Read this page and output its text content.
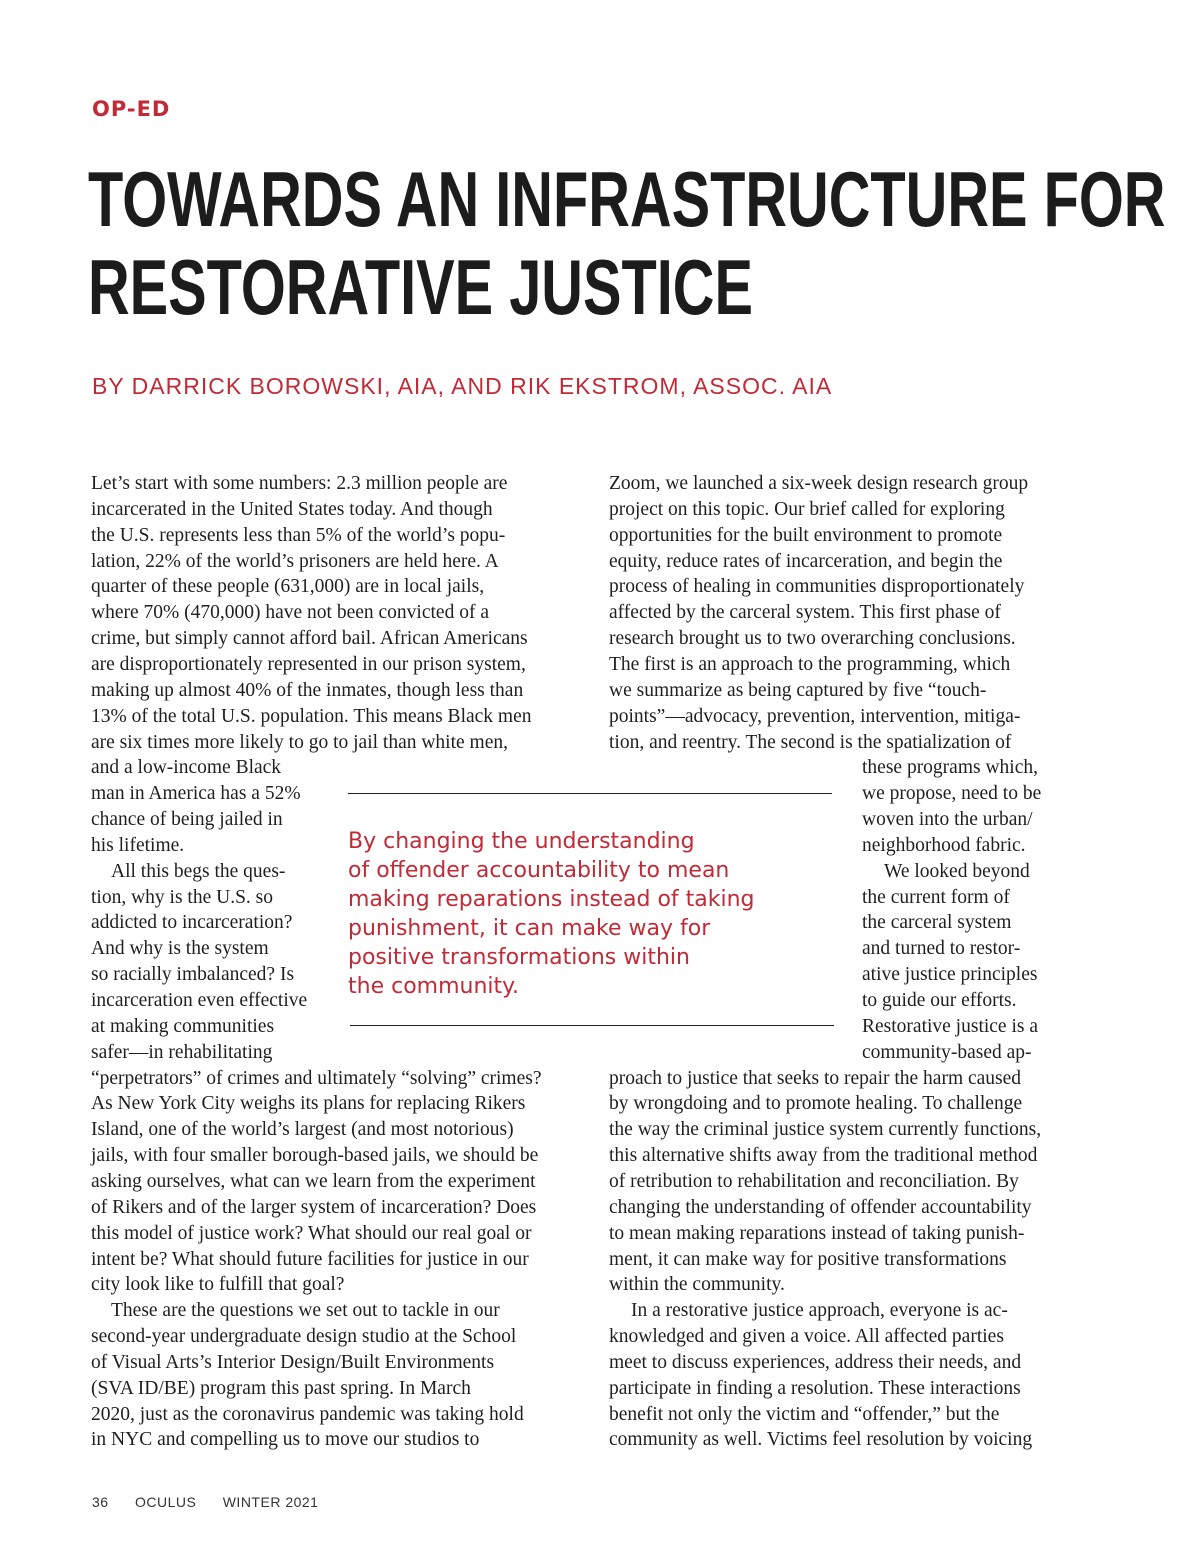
OP-ED

TOWARDS AN INFRASTRUCTURE FOR
RESTORATIVE JUSTICE
BY DARRICK BOROWSKI, AIA, AND RIK EKSTROM, ASSOC. AIA

Let’s start with some numbers: 2.3 million people are

incarcerated in the United States today. And though

the U.S. represents less than 5% of the world’s popu-

lation, 22% of the world’s prisoners are held here. A

quarter of these people (631,000) are in local jails,

where 70% (470,000) have not been convicted of a

crime, but simply cannot afford bail. African Americans

are disproportionately represented in our prison system,

making up almost 40% of the inmates, though less than

13% of the total U.S. population. This means Black men

are six times more likely to go to jail than white men,

and a low-income Black

man in America has a 52%

chance of being jailed in

his lifetime.

All this begs the ques-

tion, why is the U.S. so

addicted to incarceration?

And why is the system

so racially imbalanced? Is

incarceration even effective

at making communities

safer—in rehabilitating

“perpetrators” of crimes and ultimately “solving” crimes?

As New York City weighs its plans for replacing Rikers

Island, one of the world’s largest (and most notorious)

jails, with four smaller borough-based jails, we should be

asking ourselves, what can we learn from the experiment

of Rikers and of the larger system of incarceration? Does

this model of justice work? What should our real goal or

intent be? What should future facilities for justice in our

city look like to fulfill that goal?

These are the questions we set out to tackle in our

second-year undergraduate design studio at the School

of Visual Arts’s Interior Design/Built Environments

(SVA ID/BE) program this past spring. In March

2020, just as the coronavirus pandemic was taking hold

in NYC and compelling us to move our studios to

Zoom, we launched a six-week design research group

project on this topic. Our brief called for exploring

opportunities for the built environment to promote

equity, reduce rates of incarceration, and begin the

process of healing in communities disproportionately

affected by the carceral system. This first phase of

research brought us to two overarching conclusions.

The first is an approach to the programming, which

we summarize as being captured by five “touch-

points”—advocacy, prevention, intervention, mitiga-

tion, and reentry. The second is the spatialization of

these programs which,

we propose, need to be

woven into the urban/

neighborhood fabric.

We looked beyond

the current form of

the carceral system

and turned to restor-

ative justice principles

to guide our efforts.

Restorative justice is a

community-based ap-

proach to justice that seeks to repair the harm caused

by wrongdoing and to promote healing. To challenge

the way the criminal justice system currently functions,

this alternative shifts away from the traditional method

of retribution to rehabilitation and reconciliation. By

changing the understanding of offender accountability

to mean making reparations instead of taking punish-

ment, it can make way for positive transformations

within the community.

In a restorative justice approach, everyone is ac-

knowledged and given a voice. All affected parties

meet to discuss experiences, address their needs, and

participate in finding a resolution. These interactions

benefit not only the victim and “offender,” but the

community as well. Victims feel resolution by voicing

By changing the understanding
of offender accountability to mean
making reparations instead of taking
punishment, it can make way for
positive transformations within
the community.
36 OCULUS WINTER 2021
